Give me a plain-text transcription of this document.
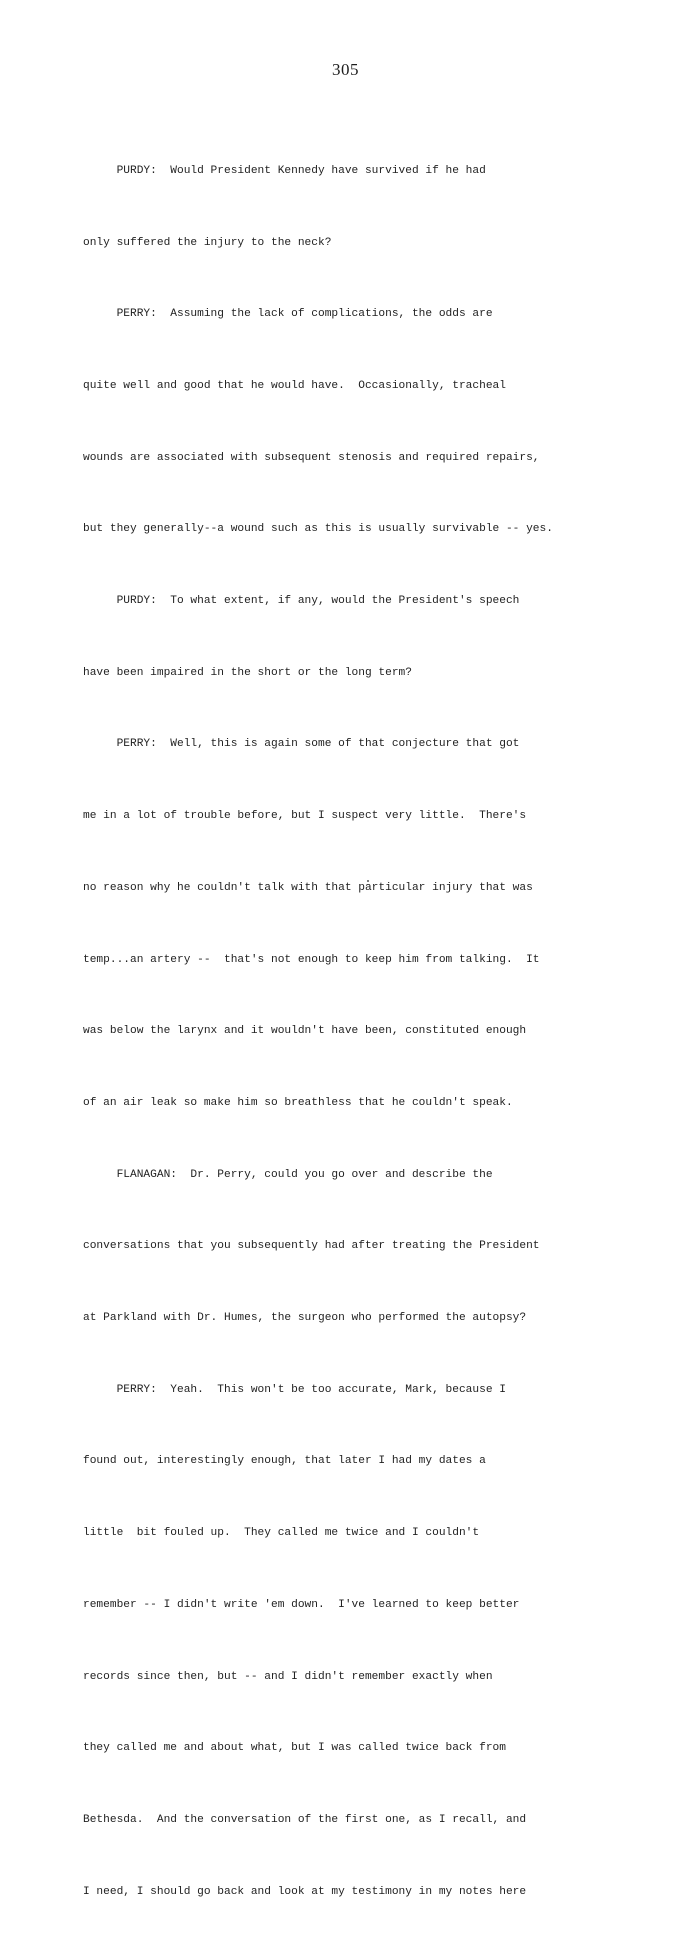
305

PURDY:  Would President Kennedy have survived if he had

only suffered the injury to the neck?

PERRY:  Assuming the lack of complications, the odds are

quite well and good that he would have.  Occasionally, tracheal

wounds are associated with subsequent stenosis and required repairs,

but they generally--a wound such as this is usually survivable -- yes.

PURDY:  To what extent, if any, would the President's speech

have been impaired in the short or the long term?

PERRY:  Well, this is again some of that conjecture that got

me in a lot of trouble before, but I suspect very little.  There's

no reason why he couldn't talk with that particular injury that was

temp...an artery --  that's not enough to keep him from talking.  It

was below the larynx and it wouldn't have been, constituted enough

of an air leak so make him so breathless that he couldn't speak.

FLANAGAN:  Dr. Perry, could you go over and describe the

conversations that you subsequently had after treating the President

at Parkland with Dr. Humes, the surgeon who performed the autopsy?

PERRY:  Yeah.  This won't be too accurate, Mark, because I

found out, interestingly enough, that later I had my dates a

little  bit fouled up.  They called me twice and I couldn't

remember -- I didn't write 'em down.  I've learned to keep better

records since then, but -- and I didn't remember exactly when

they called me and about what, but I was called twice back from

Bethesda.  And the conversation of the first one, as I recall, and

I need, I should go back and look at my testimony in my notes here
